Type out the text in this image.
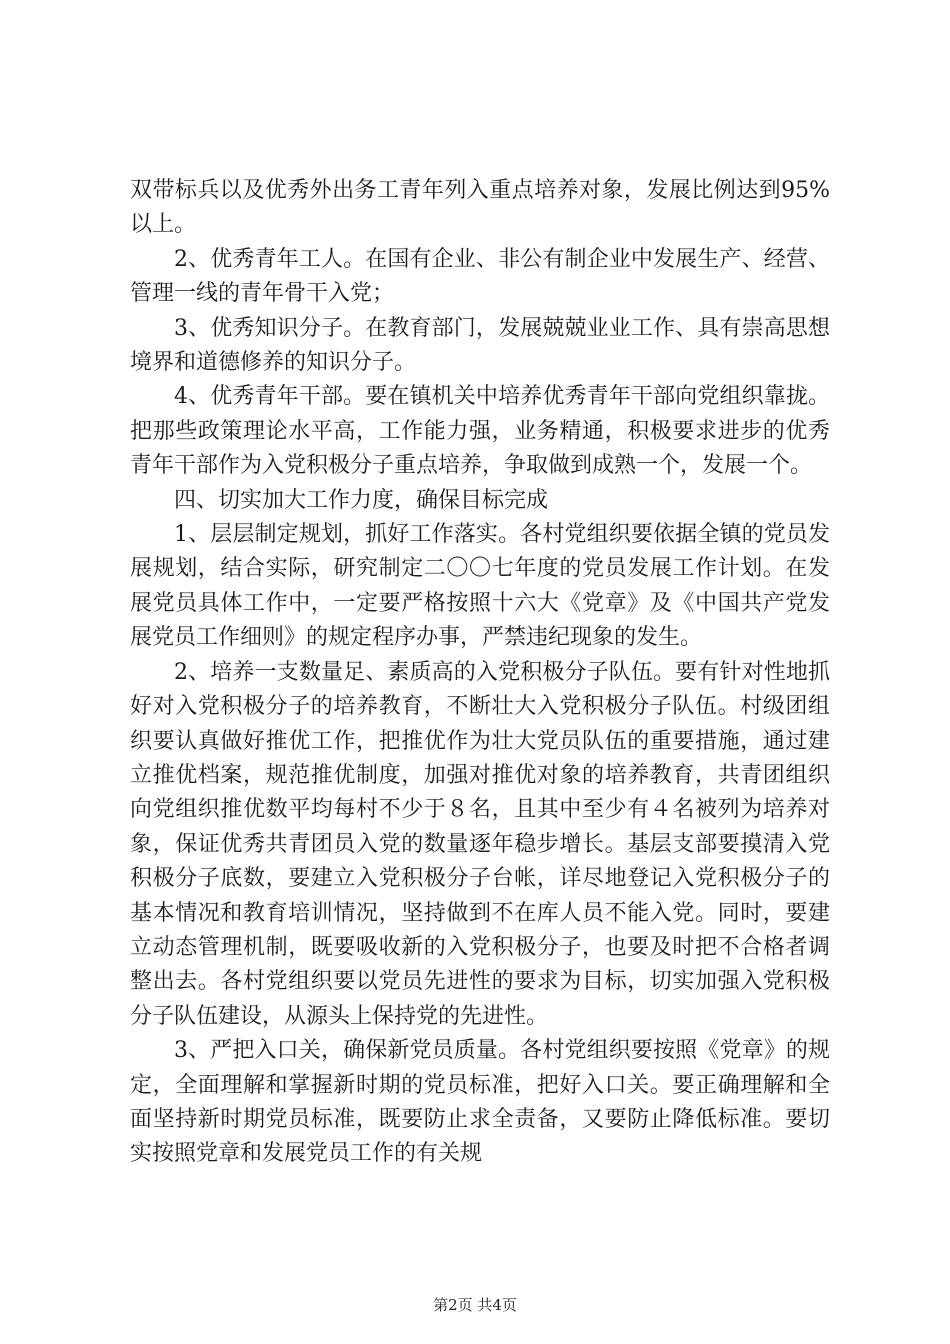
双带标兵以及优秀外出务工青年列入重点培养对象，发展比例达到95%以上。

2、优秀青年工人。在国有企业、非公有制企业中发展生产、经营、管理一线的青年骨干入党；

3、优秀知识分子。在教育部门，发展兢兢业业工作、具有崇高思想境界和道德修养的知识分子。

4、优秀青年干部。要在镇机关中培养优秀青年干部向党组织靠拢。把那些政策理论水平高，工作能力强，业务精通，积极要求进步的优秀青年干部作为入党积极分子重点培养，争取做到成熟一个，发展一个。

四、切实加大工作力度，确保目标完成

1、层层制定规划，抓好工作落实。各村党组织要依据全镇的党员发展规划，结合实际，研究制定二〇〇七年度的党员发展工作计划。在发展党员具体工作中，一定要严格按照十六大《党章》及《中国共产党发展党员工作细则》的规定程序办事，严禁违纪现象的发生。

2、培养一支数量足、素质高的入党积极分子队伍。要有针对性地抓好对入党积极分子的培养教育，不断壮大入党积极分子队伍。村级团组织要认真做好推优工作，把推优作为壮大党员队伍的重要措施，通过建立推优档案，规范推优制度，加强对推优对象的培养教育，共青团组织向党组织推优数平均每村不少于８名，且其中至少有４名被列为培养对象，保证优秀共青团员入党的数量逐年稳步增长。基层支部要摸清入党积极分子底数，要建立入党积极分子台帐，详尽地登记入党积极分子的基本情况和教育培训情况，坚持做到不在库人员不能入党。同时，要建立动态管理机制，既要吸收新的入党积极分子，也要及时把不合格者调整出去。各村党组织要以党员先进性的要求为目标，切实加强入党积极分子队伍建设，从源头上保持党的先进性。

3、严把入口关，确保新党员质量。各村党组织要按照《党章》的规定，全面理解和掌握新时期的党员标准，把好入口关。要正确理解和全面坚持新时期党员标准，既要防止求全责备，又要防止降低标准。要切实按照党章和发展党员工作的有关规

第2页 共4页
